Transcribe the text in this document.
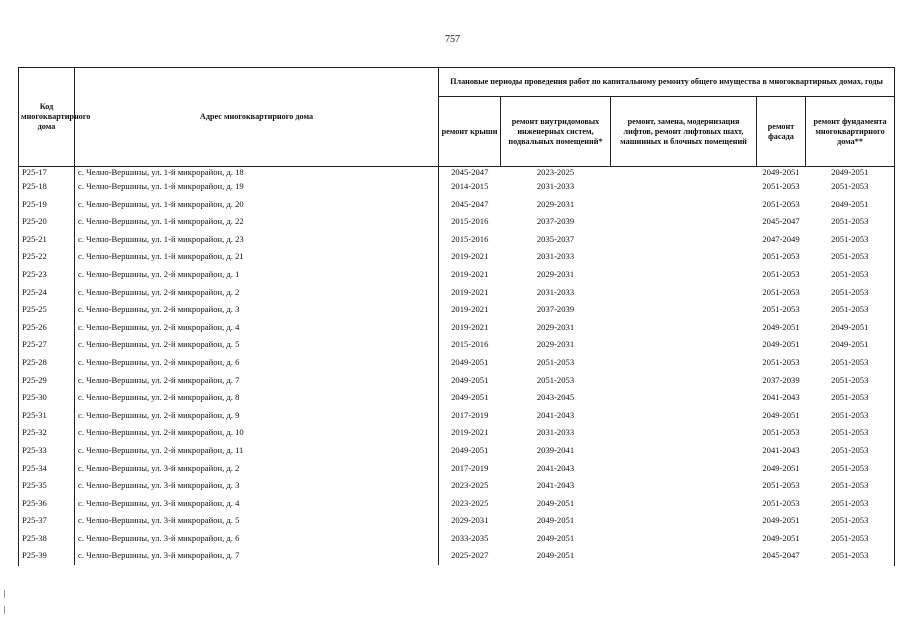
757
Код многоквартирного дома	Адрес многоквартирного дома	Плановые периоды проведения работ по капитальному ремонту общего имущества в многоквартирных домах, годы				
		ремонт крыши	ремонт внутридомовых инженерных систем, подвальных помещений*	ремонт, замена, модернизация лифтов, ремонт лифтовых шахт, машинных и блочных помещений	ремонт фасада	ремонт фундамента многоквартирного дома**
Р25-17	с. Челно-Вершины, ул. 1-й микрорайон, д. 18	2045-2047	2023-2025		2049-2051	2049-2051
Р25-18	с. Челно-Вершины, ул. 1-й микрорайон, д. 19	2014-2015	2031-2033		2051-2053	2051-2053
Р25-19	с. Челно-Вершины, ул. 1-й микрорайон, д. 20	2045-2047	2029-2031		2051-2053	2049-2051
Р25-20	с. Челно-Вершины, ул. 1-й микрорайон, д. 22	2015-2016	2037-2039		2045-2047	2051-2053
Р25-21	с. Челно-Вершины, ул. 1-й микрорайон, д. 23	2015-2016	2035-2037		2047-2049	2051-2053
Р25-22	с. Челно-Вершины, ул. 1-й микрорайон, д. 21	2019-2021	2031-2033		2051-2053	2051-2053
Р25-23	с. Челно-Вершины, ул. 2-й микрорайон, д. 1	2019-2021	2029-2031		2051-2053	2051-2053
Р25-24	с. Челно-Вершины, ул. 2-й микрорайон, д. 2	2019-2021	2031-2033		2051-2053	2051-2053
Р25-25	с. Челно-Вершины, ул. 2-й микрорайон, д. 3	2019-2021	2037-2039		2051-2053	2051-2053
Р25-26	с. Челно-Вершины, ул. 2-й микрорайон, д. 4	2019-2021	2029-2031		2049-2051	2049-2051
Р25-27	с. Челно-Вершины, ул. 2-й микрорайон, д. 5	2015-2016	2029-2031		2049-2051	2049-2051
Р25-28	с. Челно-Вершины, ул. 2-й микрорайон, д. 6	2049-2051	2051-2053		2051-2053	2051-2053
Р25-29	с. Челно-Вершины, ул. 2-й микрорайон, д. 7	2049-2051	2051-2053		2037-2039	2051-2053
Р25-30	с. Челно-Вершины, ул. 2-й микрорайон, д. 8	2049-2051	2043-2045		2041-2043	2051-2053
Р25-31	с. Челно-Вершины, ул. 2-й микрорайон, д. 9	2017-2019	2041-2043		2049-2051	2051-2053
Р25-32	с. Челно-Вершины, ул. 2-й микрорайон, д. 10	2019-2021	2031-2033		2051-2053	2051-2053
Р25-33	с. Челно-Вершины, ул. 2-й микрорайон, д. 11	2049-2051	2039-2041		2041-2043	2051-2053
Р25-34	с. Челно-Вершины, ул. 3-й микрорайон, д. 2	2017-2019	2041-2043		2049-2051	2051-2053
Р25-35	с. Челно-Вершины, ул. 3-й микрорайон, д. 3	2023-2025	2041-2043		2051-2053	2051-2053
Р25-36	с. Челно-Вершины, ул. 3-й микрорайон, д. 4	2023-2025	2049-2051		2051-2053	2051-2053
Р25-37	с. Челно-Вершины, ул. 3-й микрорайон, д. 5	2029-2031	2049-2051		2049-2051	2051-2053
Р25-38	с. Челно-Вершины, ул. 3-й микрорайон, д. 6	2033-2035	2049-2051		2049-2051	2051-2053
Р25-39	с. Челно-Вершины, ул. 3-й микрорайон, д. 7	2025-2027	2049-2051		2045-2047	2051-2053
